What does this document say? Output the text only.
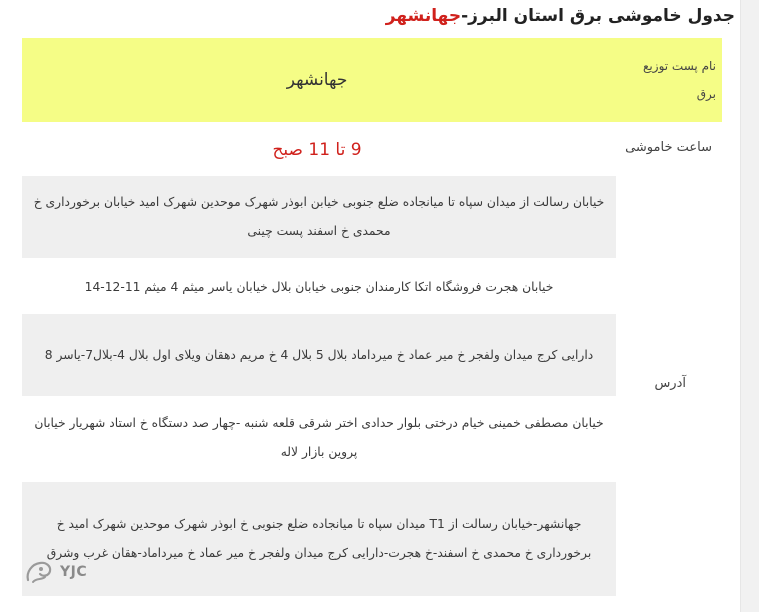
جدول خاموشی برق استان البرز-جهانشهر
نام پست توزیع برق
جهانشهر
ساعت خاموشی
9 تا 11 صبح
آدرس
خیابان رسالت از میدان سپاه تا میانجاده ضلع جنوبی خیابن ابوذر شهرک موحدین شهرک امید خیابان برخورداری خ محمدی خ اسفند پست چینی
خیابان هجرت فروشگاه اتکا کارمندان جنوبی خیابان بلال خیابان یاسر میثم 4 میثم 11-12-14
دارایی کرج میدان ولفجر خ میر عماد خ میرداماد بلال 5 بلال 4 خ مریم دهقان ویلای اول بلال 4-بلال7-یاسر 8
خیابان مصطفی خمینی خیام درختی بلوار حدادی اختر شرقی قلعه شنبه -چهار صد دستگاه خ استاد شهریار خیابان پروین بازار لاله
جهانشهر-خیابان رسالت از T1 میدان سپاه تا میانجاده ضلع جنوبی خ ابوذر شهرک موحدین شهرک امید خ برخورداری خ محمدی خ اسفند-خ هجرت-دارایی کرج میدان ولفجر خ میر عماد خ میرداماد-هقان غرب وشرق
YJC
